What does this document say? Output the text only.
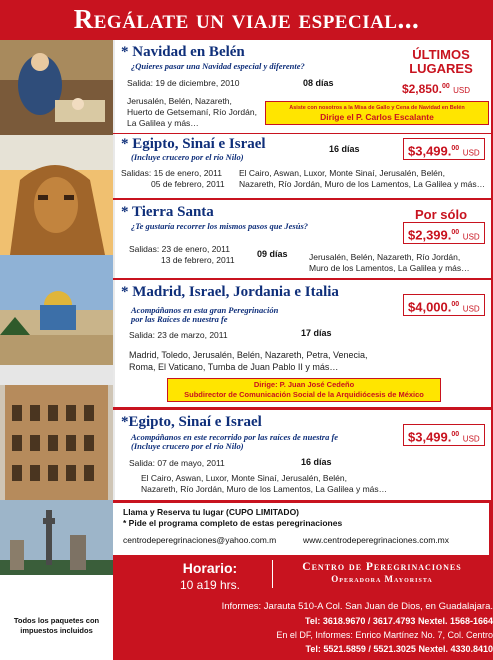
Regálate un viaje especial...
Todos los paquetes con
impuestos incluidos
* Navidad en Belén
¿Quieres pasar una Navidad especial y diferente?
Salida: 19 de diciembre, 2010	08 días
Jerusalén, Belén, Nazareth,
Huerto de Getsemaní, Río Jordán,
La Galilea y más…
ÚLTIMOS
LUGARES
$2,850.00 USD
Asiste con nosotros a la Misa de Gallo y Cena de Navidad en Belén
Dirige el P. Carlos Escalante
* Egipto, Sinaí e Israel
(Incluye crucero por el río Nilo)
16 días	$3,499.00 USD
Salidas: 15 de enero, 2011
05 de febrero, 2011
El Cairo, Aswan, Luxor, Monte Sinaí, Jerusalén, Belén,
Nazareth, Río Jordán, Muro de los Lamentos, La Galilea y más…
* Tierra Santa
¿Te gustaría recorrer los mismos pasos que Jesús?
Por sólo
$2,399.00 USD
Salidas: 23 de enero, 2011
13 de febrero, 2011
09 días	Jerusalén, Belén, Nazareth, Río Jordán,
Muro de los Lamentos, La Galilea y más…
* Madrid, Israel, Jordania e Italia
Acompáñanos en esta gran Peregrinación
por las Raíces de nuestra fe
$4,000.00 USD
Salida: 23 de marzo, 2011	17 días
Madrid, Toledo, Jerusalén, Belén, Nazareth, Petra, Venecia,
Roma, El Vaticano, Tumba de Juan Pablo II y más…
Dirige: P. Juan José Cedeño
Subdirector de Comunicación Social de la Arquidiócesis de México
*Egipto, Sinaí e Israel
Acompáñanos en este recorrido por las raíces de nuestra fe
(Incluye crucero por el río Nilo)
$3,499.00 USD
Salida: 07 de mayo, 2011	16 días
El Cairo, Aswan, Luxor, Monte Sinaí, Jerusalén, Belén,
Nazareth, Río Jordán, Muro de los Lamentos, La Galilea y más…
Llama y Reserva tu lugar (CUPO LIMITADO)
* Pide el programa completo de estas peregrinaciones
centrodeperegrinaciones@yahoo.com.m	www.centrodeperegrinaciones.com.mx
Horario:
10 a19 hrs.
Centro de Peregrinaciones
Operadora Mayorista
Informes: Jarauta 510-A Col. San Juan de Dios, en Guadalajara.
Tel: 3618.9670 / 3617.4793 Nextel. 1568-1664
En el DF, Informes: Enrico Martínez No. 7, Col. Centro
Tel: 5521.5859 / 5521.3025 Nextel. 4330.8410
